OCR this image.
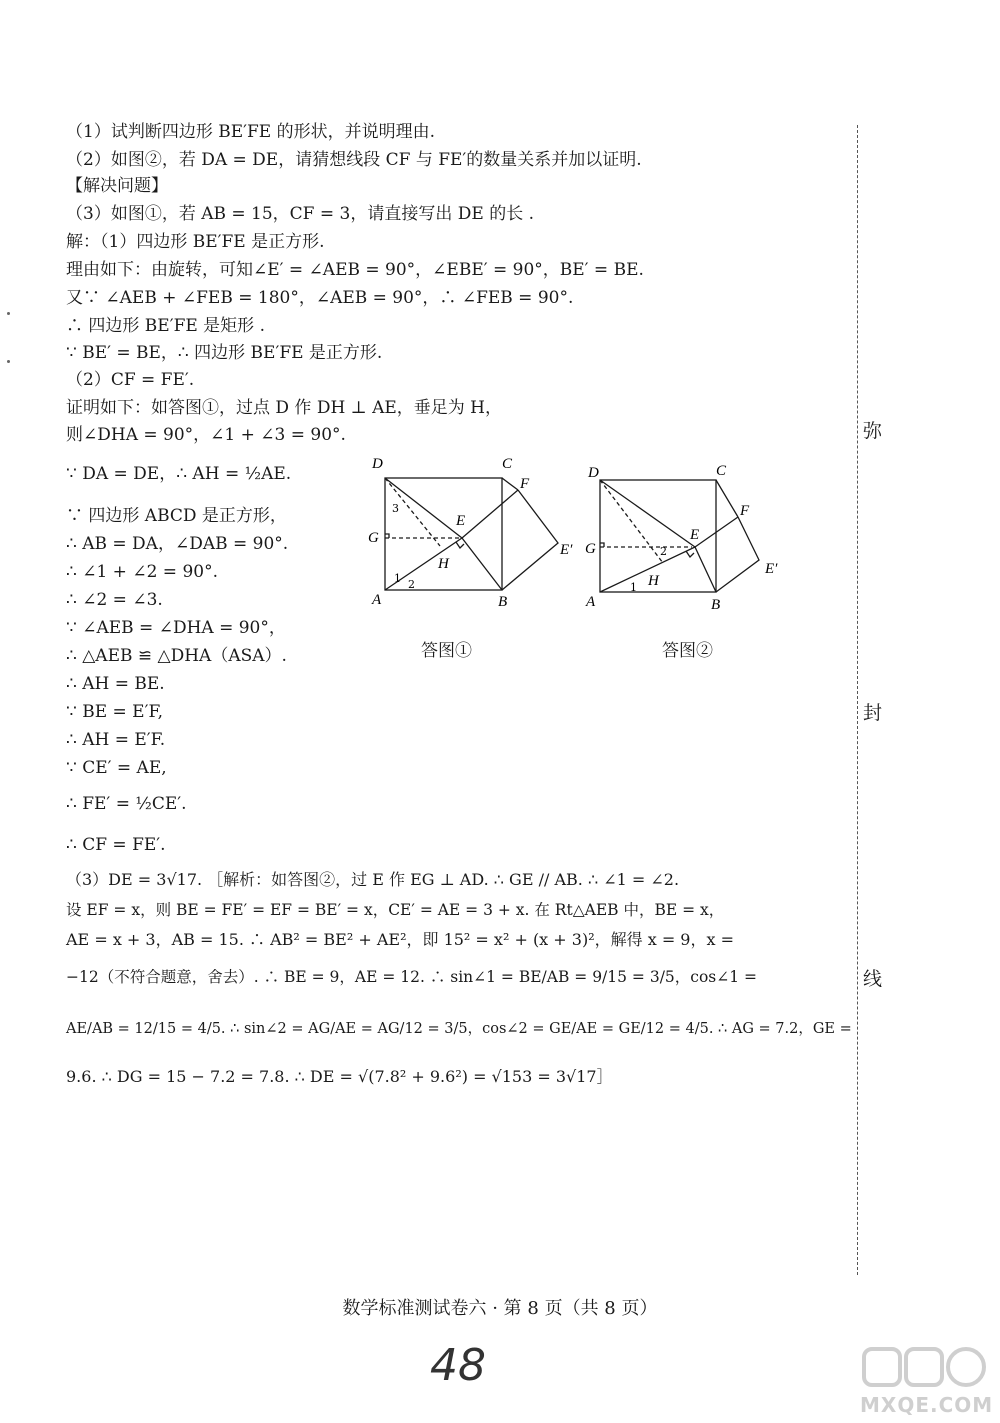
（1）试判断四边形 BE′FE 的形状，并说明理由.
（2）如图②，若 DA = DE，请猜想线段 CF 与 FE′的数量关系并加以证明.
【解决问题】
（3）如图①，若 AB = 15，CF = 3，请直接写出 DE 的长 .
解：（1）四边形 BE′FE 是正方形.
理由如下：由旋转，可知∠E′ = ∠AEB = 90°，∠EBE′ = 90°，BE′ = BE.
又∵ ∠AEB + ∠FEB = 180°，∠AEB = 90°，∴ ∠FEB = 90°.
∴ 四边形 BE′FE 是矩形 .
∵ BE′ = BE，∴ 四边形 BE′FE 是正方形.
（2）CF = FE′.
证明如下：如答图①，过点 D 作 DH ⊥ AE，垂足为 H，
则∠DHA = 90°，∠1 + ∠3 = 90°.
∵ DA = DE，∴ AH = ½AE.
∵ 四边形 ABCD 是正方形，
∴ AB = DA，∠DAB = 90°.
∴ ∠1 + ∠2 = 90°.
∴ ∠2 = ∠3.
∵ ∠AEB = ∠DHA = 90°，
∴ △AEB ≌ △DHA（ASA）.
∴ AH = BE.
∵ BE = E′F,
∴ AH = E′F.
∵ CE′ = AE,
∴ FE′ = ½CE′.
∴ CF = FE′.
（3）DE = 3√17. ［解析：如答图②，过 E 作 EG ⊥ AD. ∴ GE // AB. ∴ ∠1 = ∠2.
设 EF = x，则 BE = FE′ = EF = BE′ = x，CE′ = AE = 3 + x. 在 Rt△AEB 中，BE = x，
AE = x + 3，AB = 15. ∴ AB² = BE² + AE²，即 15² = x² + (x + 3)²，解得 x = 9，x =
−12（不符合题意，舍去）. ∴ BE = 9，AE = 12. ∴ sin∠1 = BE/AB = 9/15 = 3/5，cos∠1 =
AE/AB = 12/15 = 4/5. ∴ sin∠2 = AG/AE = AG/12 = 3/5，cos∠2 = GE/AE = GE/12 = 4/5. ∴ AG = 7.2，GE =
9.6. ∴ DG = 15 − 7.2 = 7.8. ∴ DE = √(7.8² + 9.6²) = √153 = 3√17］
D	C
F
G
E
H
E′
A	B
3
1 2
答图①
D	C
F
G
E
H
E′
A	B
2
1
答图②
弥
封
线
数学标准测试卷六 · 第 8 页（共 8 页）
48
MXQE.COM
